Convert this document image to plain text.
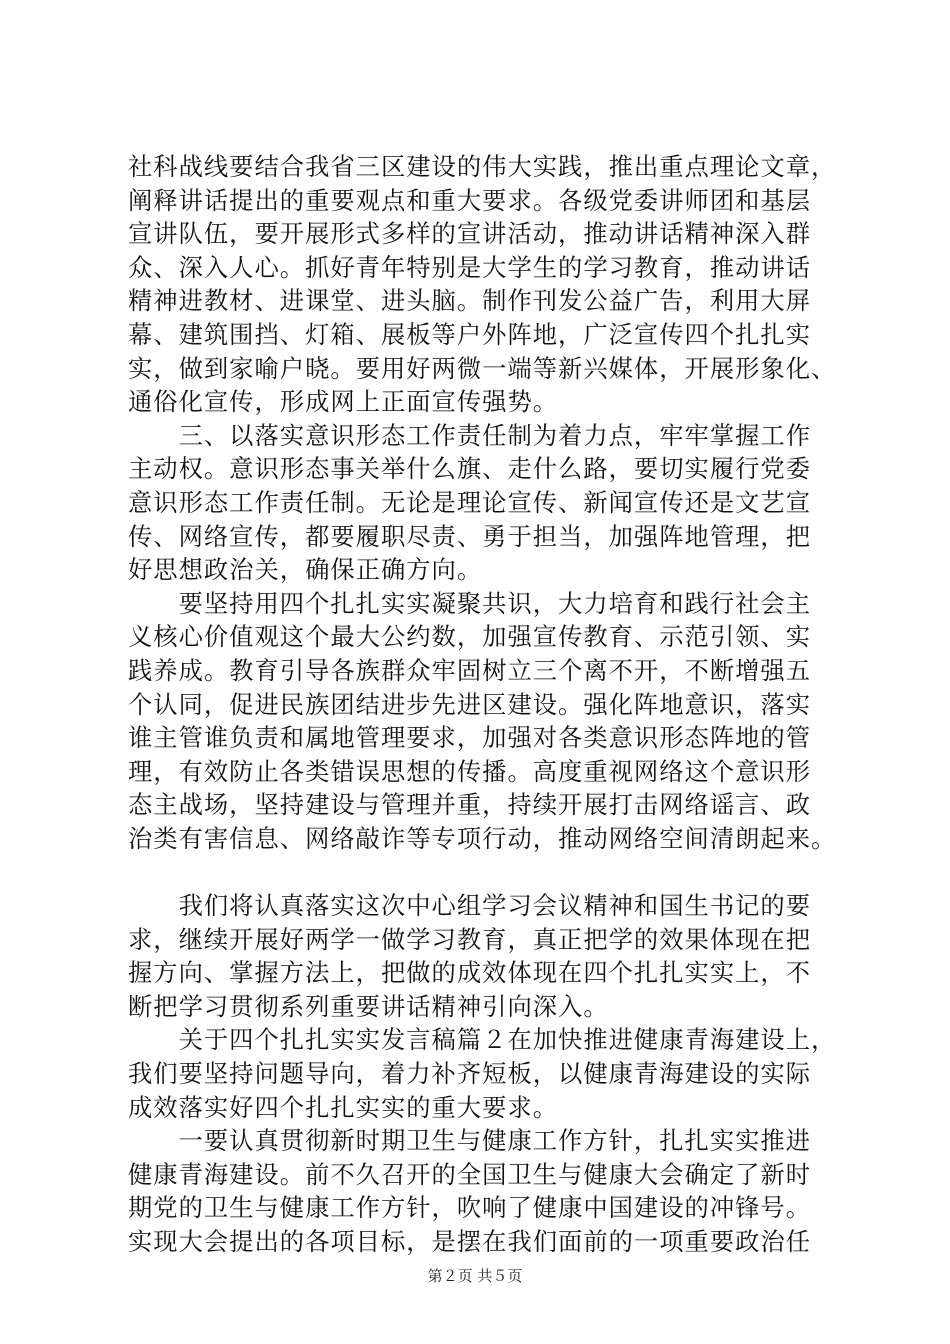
社科战线要结合我省三区建设的伟大实践，推出重点理论文章，
阐释讲话提出的重要观点和重大要求。各级党委讲师团和基层
宣讲队伍，要开展形式多样的宣讲活动，推动讲话精神深入群
众、深入人心。抓好青年特别是大学生的学习教育，推动讲话
精神进教材、进课堂、进头脑。制作刊发公益广告，利用大屏
幕、建筑围挡、灯箱、展板等户外阵地，广泛宣传四个扎扎实
实，做到家喻户晓。要用好两微一端等新兴媒体，开展形象化、
通俗化宣传，形成网上正面宣传强势。
　　三、以落实意识形态工作责任制为着力点，牢牢掌握工作
主动权。意识形态事关举什么旗、走什么路，要切实履行党委
意识形态工作责任制。无论是理论宣传、新闻宣传还是文艺宣
传、网络宣传，都要履职尽责、勇于担当，加强阵地管理，把
好思想政治关，确保正确方向。
　　要坚持用四个扎扎实实凝聚共识，大力培育和践行社会主
义核心价值观这个最大公约数，加强宣传教育、示范引领、实
践养成。教育引导各族群众牢固树立三个离不开，不断增强五
个认同，促进民族团结进步先进区建设。强化阵地意识，落实
谁主管谁负责和属地管理要求，加强对各类意识形态阵地的管
理，有效防止各类错误思想的传播。高度重视网络这个意识形
态主战场，坚持建设与管理并重，持续开展打击网络谣言、政
治类有害信息、网络敲诈等专项行动，推动网络空间清朗起来。
　　我们将认真落实这次中心组学习会议精神和国生书记的要
求，继续开展好两学一做学习教育，真正把学的效果体现在把
握方向、掌握方法上，把做的成效体现在四个扎扎实实上，不
断把学习贯彻系列重要讲话精神引向深入。
　　关于四个扎扎实实发言稿篇２在加快推进健康青海建设上，
我们要坚持问题导向，着力补齐短板，以健康青海建设的实际
成效落实好四个扎扎实实的重大要求。
　　一要认真贯彻新时期卫生与健康工作方针，扎扎实实推进
健康青海建设。前不久召开的全国卫生与健康大会确定了新时
期党的卫生与健康工作方针，吹响了健康中国建设的冲锋号。
实现大会提出的各项目标，是摆在我们面前的一项重要政治任
第２页 共５页
